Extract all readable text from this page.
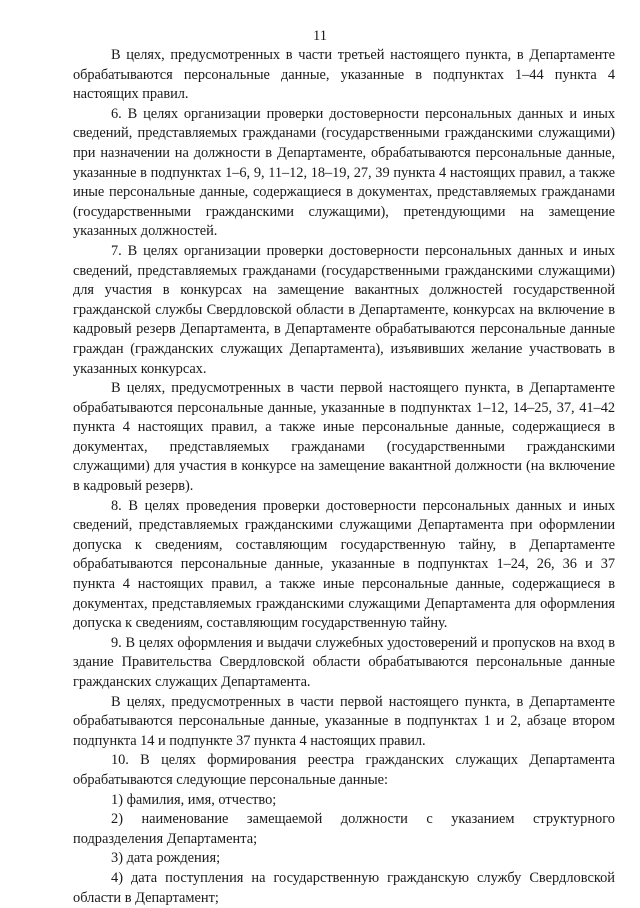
11

В целях, предусмотренных в части третьей настоящего пункта, в Департаменте обрабатываются персональные данные, указанные в подпунктах 1–44 пункта 4 настоящих правил.

6. В целях организации проверки достоверности персональных данных и иных сведений, представляемых гражданами (государственными гражданскими служащими) при назначении на должности в Департаменте, обрабатываются персональные данные, указанные в подпунктах 1–6, 9, 11–12, 18–19, 27, 39 пункта 4 настоящих правил, а также иные персональные данные, содержащиеся в документах, представляемых гражданами (государственными гражданскими служащими), претендующими на замещение указанных должностей.

7. В целях организации проверки достоверности персональных данных и иных сведений, представляемых гражданами (государственными гражданскими служащими) для участия в конкурсах на замещение вакантных должностей государственной гражданской службы Свердловской области в Департаменте, конкурсах на включение в кадровый резерв Департамента, в Департаменте обрабатываются персональные данные граждан (гражданских служащих Департамента), изъявивших желание участвовать в указанных конкурсах.

В целях, предусмотренных в части первой настоящего пункта, в Департаменте обрабатываются персональные данные, указанные в подпунктах 1–12, 14–25, 37, 41–42 пункта 4 настоящих правил, а также иные персональные данные, содержащиеся в документах, представляемых гражданами (государственными гражданскими служащими) для участия в конкурсе на замещение вакантной должности (на включение в кадровый резерв).

8. В целях проведения проверки достоверности персональных данных и иных сведений, представляемых гражданскими служащими Департамента при оформлении допуска к сведениям, составляющим государственную тайну, в Департаменте обрабатываются персональные данные, указанные в подпунктах 1–24, 26, 36 и 37 пункта 4 настоящих правил, а также иные персональные данные, содержащиеся в документах, представляемых гражданскими служащими Департамента для оформления допуска к сведениям, составляющим государственную тайну.

9. В целях оформления и выдачи служебных удостоверений и пропусков на вход в здание Правительства Свердловской области обрабатываются персональные данные гражданских служащих Департамента.

В целях, предусмотренных в части первой настоящего пункта, в Департаменте обрабатываются персональные данные, указанные в подпунктах 1 и 2, абзаце втором подпункта 14 и подпункте 37 пункта 4 настоящих правил.

10. В целях формирования реестра гражданских служащих Департамента обрабатываются следующие персональные данные:

1) фамилия, имя, отчество;

2) наименование замещаемой должности с указанием структурного подразделения Департамента;

3) дата рождения;

4) дата поступления на государственную гражданскую службу Свердловской области в Департамент;
